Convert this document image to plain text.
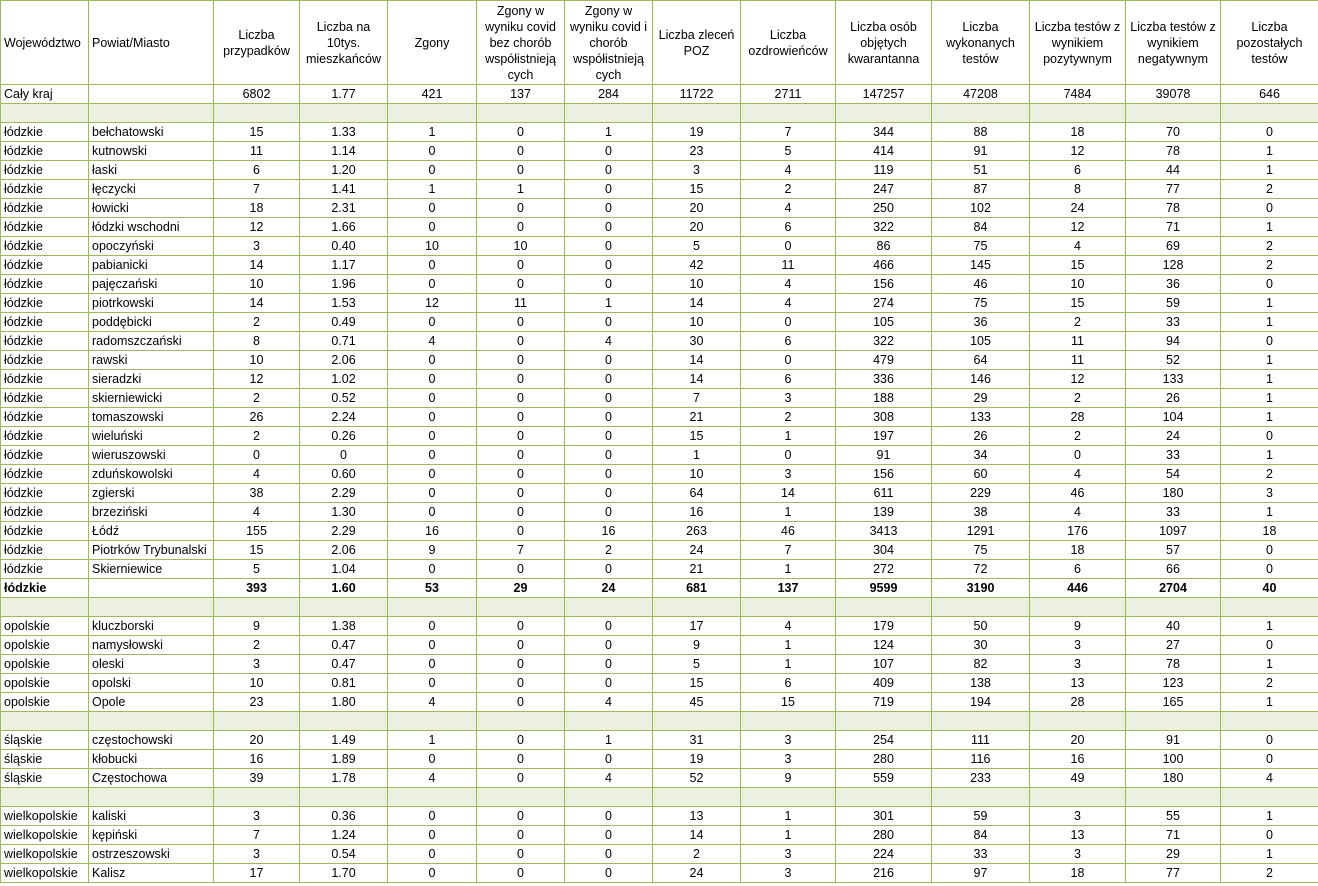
Województwo	Powiat/Miasto	Liczba przypadków	Liczba na 10tys. mieszkańców	Zgony	Zgony w wyniku covid bez chorób współistnieją cych	Zgony w wyniku covid i chorób współistnieją cych	Liczba zleceń POZ	Liczba ozdrowieńców	Liczba osób objętych kwarantanna	Liczba wykonanych testów	Liczba testów z wynikiem pozytywnym	Liczba testów z wynikiem negatywnym	Liczba pozostałych testów
Cały kraj		6802	1.77	421	137	284	11722	2711	147257	47208	7484	39078	646

łódzkie	bełchatowski	15	1.33	1	0	1	19	7	344	88	18	70	0
łódzkie	kutnowski	11	1.14	0	0	0	23	5	414	91	12	78	1
łódzkie	łaski	6	1.20	0	0	0	3	4	119	51	6	44	1
łódzkie	łęczycki	7	1.41	1	1	0	15	2	247	87	8	77	2
łódzkie	łowicki	18	2.31	0	0	0	20	4	250	102	24	78	0
łódzkie	łódzki wschodni	12	1.66	0	0	0	20	6	322	84	12	71	1
łódzkie	opoczyński	3	0.40	10	10	0	5	0	86	75	4	69	2
łódzkie	pabianicki	14	1.17	0	0	0	42	11	466	145	15	128	2
łódzkie	pajęczański	10	1.96	0	0	0	10	4	156	46	10	36	0
łódzkie	piotrkowski	14	1.53	12	11	1	14	4	274	75	15	59	1
łódzkie	poddębicki	2	0.49	0	0	0	10	0	105	36	2	33	1
łódzkie	radomszczański	8	0.71	4	0	4	30	6	322	105	11	94	0
łódzkie	rawski	10	2.06	0	0	0	14	0	479	64	11	52	1
łódzkie	sieradzki	12	1.02	0	0	0	14	6	336	146	12	133	1
łódzkie	skierniewicki	2	0.52	0	0	0	7	3	188	29	2	26	1
łódzkie	tomaszowski	26	2.24	0	0	0	21	2	308	133	28	104	1
łódzkie	wieluński	2	0.26	0	0	0	15	1	197	26	2	24	0
łódzkie	wieruszowski	0	0	0	0	0	1	0	91	34	0	33	1
łódzkie	zduńskowolski	4	0.60	0	0	0	10	3	156	60	4	54	2
łódzkie	zgierski	38	2.29	0	0	0	64	14	611	229	46	180	3
łódzkie	brzeziński	4	1.30	0	0	0	16	1	139	38	4	33	1
łódzkie	Łódź	155	2.29	16	0	16	263	46	3413	1291	176	1097	18
łódzkie	Piotrków Trybunalski	15	2.06	9	7	2	24	7	304	75	18	57	0
łódzkie	Skierniewice	5	1.04	0	0	0	21	1	272	72	6	66	0
łódzkie		393	1.60	53	29	24	681	137	9599	3190	446	2704	40

opolskie	kluczborski	9	1.38	0	0	0	17	4	179	50	9	40	1
opolskie	namysłowski	2	0.47	0	0	0	9	1	124	30	3	27	0
opolskie	oleski	3	0.47	0	0	0	5	1	107	82	3	78	1
opolskie	opolski	10	0.81	0	0	0	15	6	409	138	13	123	2
opolskie	Opole	23	1.80	4	0	4	45	15	719	194	28	165	1

śląskie	częstochowski	20	1.49	1	0	1	31	3	254	111	20	91	0
śląskie	kłobucki	16	1.89	0	0	0	19	3	280	116	16	100	0
śląskie	Częstochowa	39	1.78	4	0	4	52	9	559	233	49	180	4

wielkopolskie	kaliski	3	0.36	0	0	0	13	1	301	59	3	55	1
wielkopolskie	kępiński	7	1.24	0	0	0	14	1	280	84	13	71	0
wielkopolskie	ostrzeszowski	3	0.54	0	0	0	2	3	224	33	3	29	1
wielkopolskie	Kalisz	17	1.70	0	0	0	24	3	216	97	18	77	2
